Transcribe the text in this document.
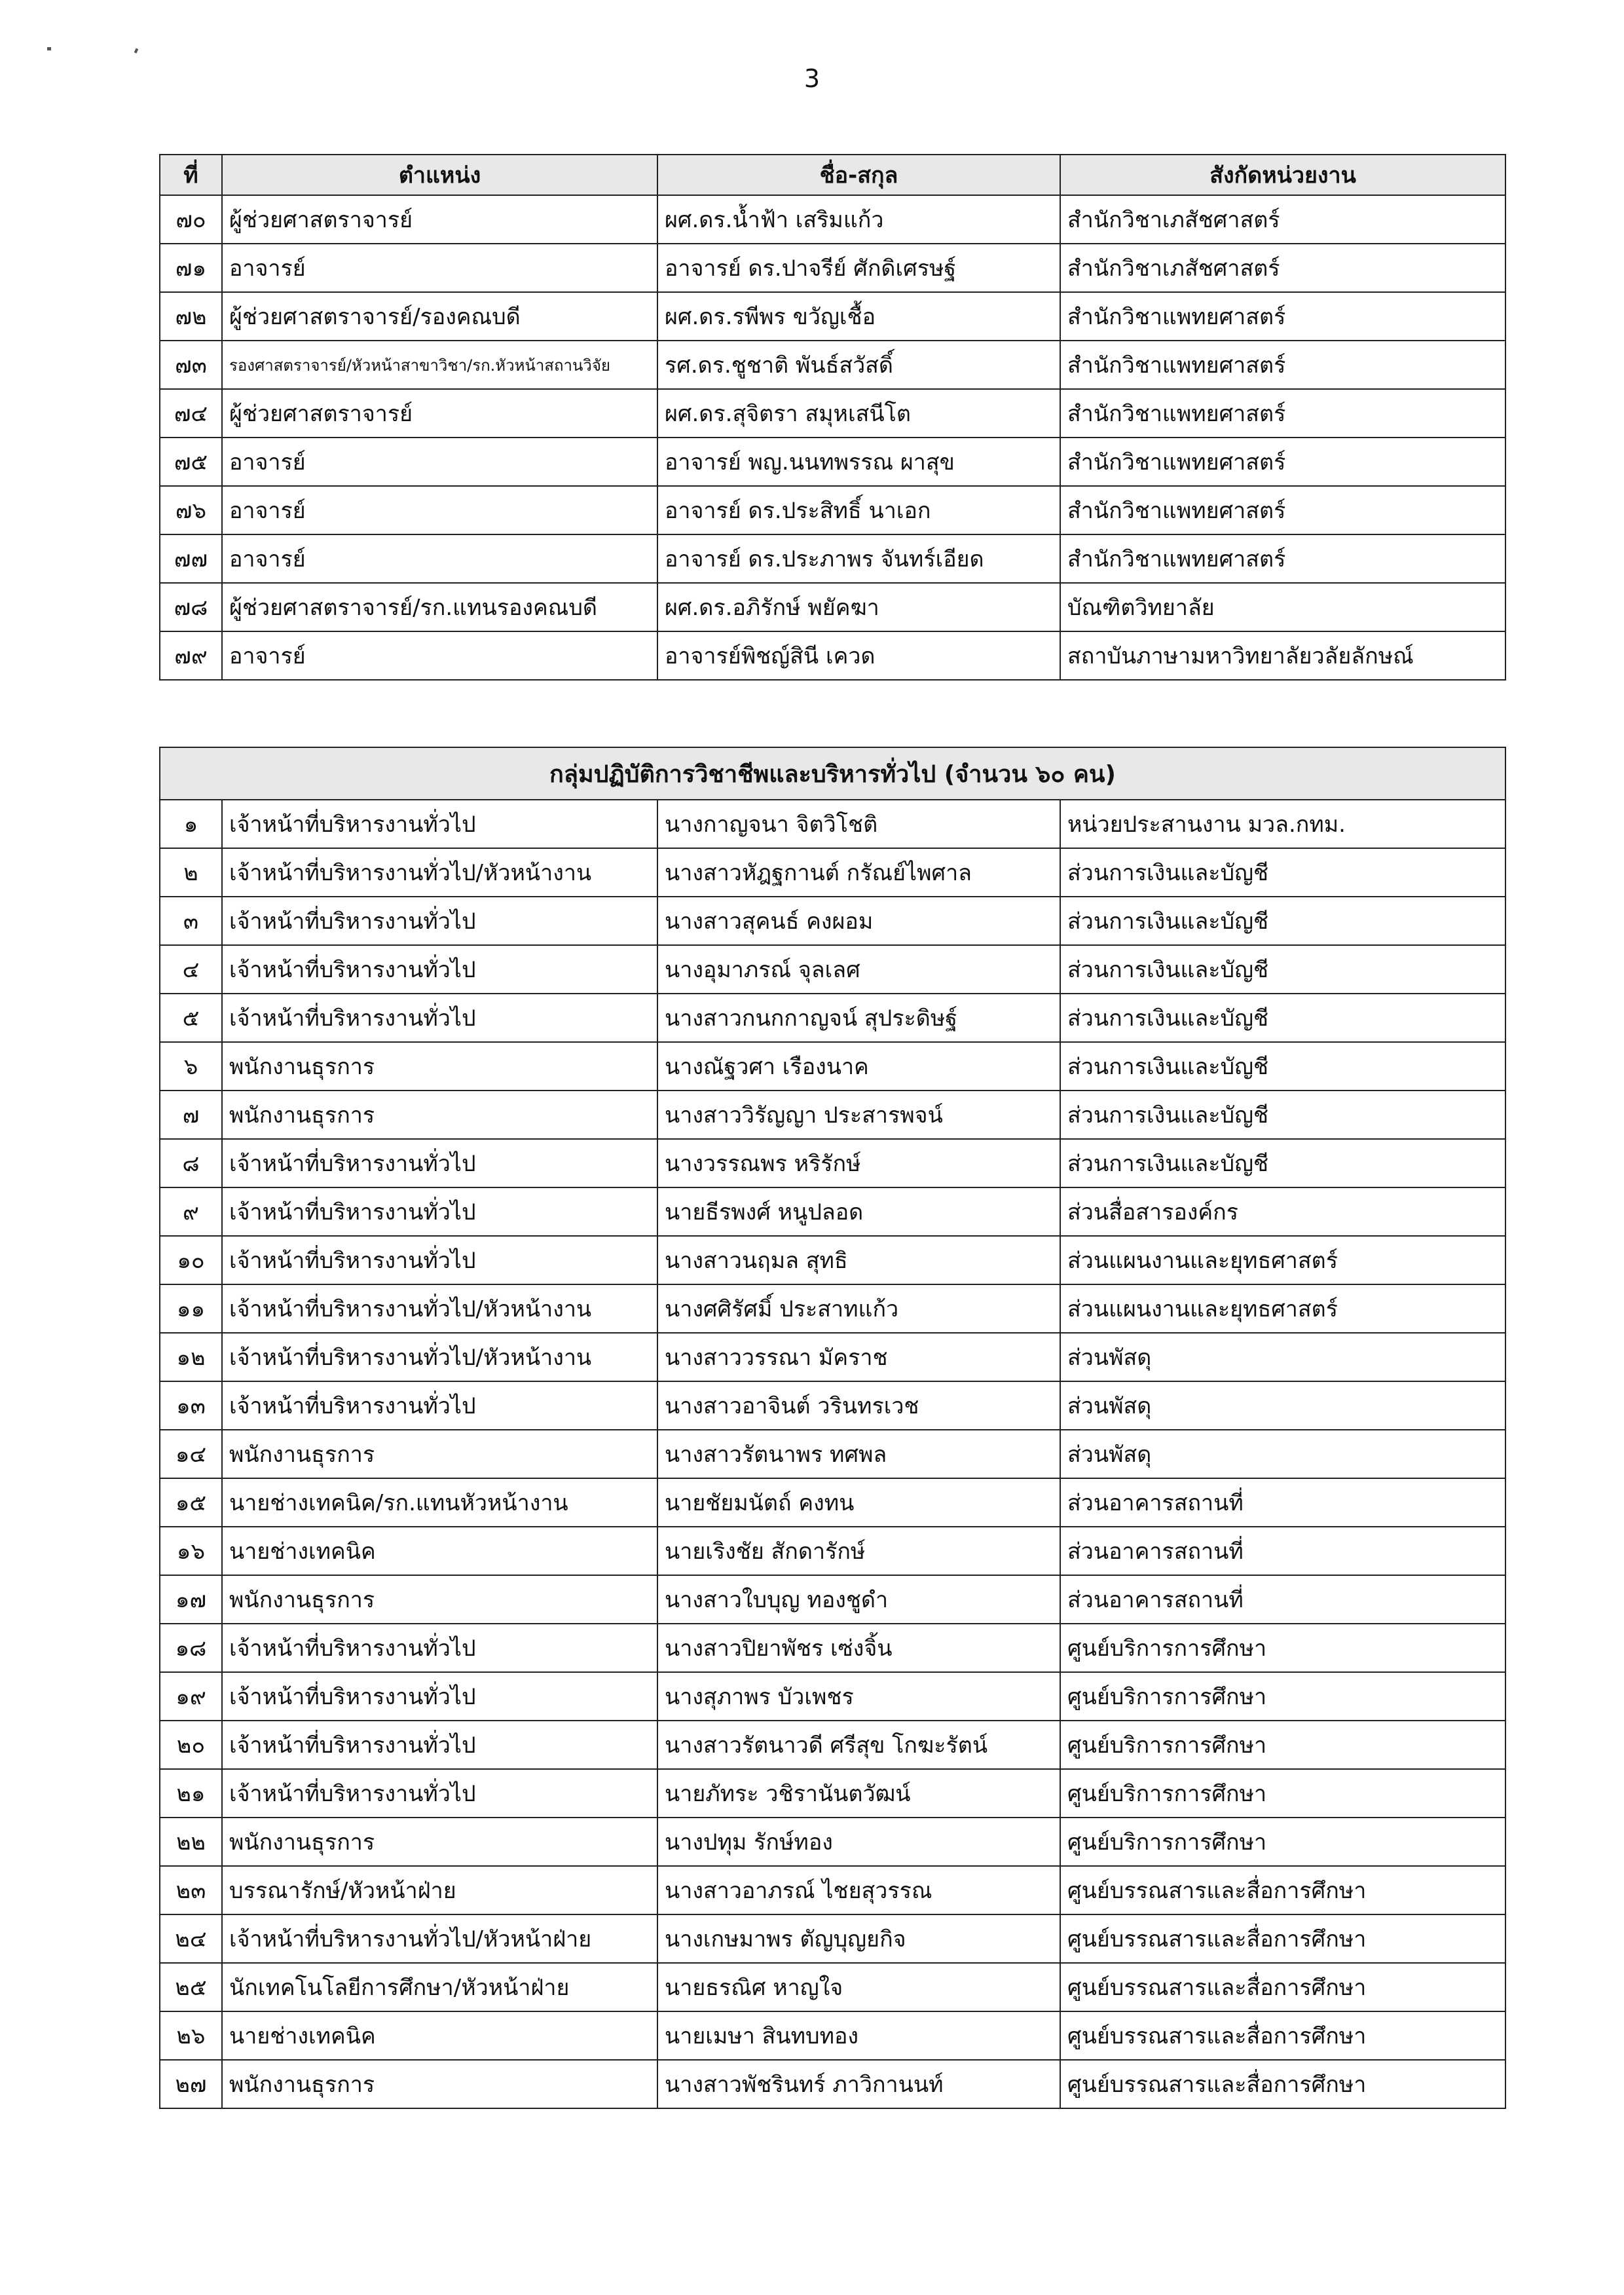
3
ที่	ตำแหน่ง	ชื่อ-สกุล	สังกัดหน่วยงาน
๗๐	ผู้ช่วยศาสตราจารย์	ผศ.ดร.น้ำฟ้า เสริมแก้ว	สำนักวิชาเภสัชศาสตร์
๗๑	อาจารย์	อาจารย์ ดร.ปาจรีย์ ศักดิเศรษฐ์	สำนักวิชาเภสัชศาสตร์
๗๒	ผู้ช่วยศาสตราจารย์/รองคณบดี	ผศ.ดร.รพีพร ขวัญเชื้อ	สำนักวิชาแพทยศาสตร์
๗๓	รองศาสตราจารย์/หัวหน้าสาขาวิชา/รก.หัวหน้าสถานวิจัย	รศ.ดร.ชูชาติ พันธ์สวัสดิ์	สำนักวิชาแพทยศาสตร์
๗๔	ผู้ช่วยศาสตราจารย์	ผศ.ดร.สุจิตรา สมุหเสนีโต	สำนักวิชาแพทยศาสตร์
๗๕	อาจารย์	อาจารย์ พญ.นนทพรรณ ผาสุข	สำนักวิชาแพทยศาสตร์
๗๖	อาจารย์	อาจารย์ ดร.ประสิทธิ์ นาเอก	สำนักวิชาแพทยศาสตร์
๗๗	อาจารย์	อาจารย์ ดร.ประภาพร จันทร์เอียด	สำนักวิชาแพทยศาสตร์
๗๘	ผู้ช่วยศาสตราจารย์/รก.แทนรองคณบดี	ผศ.ดร.อภิรักษ์ พยัคฆา	บัณฑิตวิทยาลัย
๗๙	อาจารย์	อาจารย์พิชญ์สินี เควด	สถาบันภาษามหาวิทยาลัยวลัยลักษณ์
กลุ่มปฏิบัติการวิชาชีพและบริหารทั่วไป (จำนวน ๖๐ คน)			
๑	เจ้าหน้าที่บริหารงานทั่วไป	นางกาญจนา จิตวิโชติ	หน่วยประสานงาน มวล.กทม.
๒	เจ้าหน้าที่บริหารงานทั่วไป/หัวหน้างาน	นางสาวหัฎฐกานต์ กรัณย์ไพศาล	ส่วนการเงินและบัญชี
๓	เจ้าหน้าที่บริหารงานทั่วไป	นางสาวสุคนธ์ คงผอม	ส่วนการเงินและบัญชี
๔	เจ้าหน้าที่บริหารงานทั่วไป	นางอุมาภรณ์ จุลเลศ	ส่วนการเงินและบัญชี
๕	เจ้าหน้าที่บริหารงานทั่วไป	นางสาวกนกกาญจน์ สุประดิษฐ์	ส่วนการเงินและบัญชี
๖	พนักงานธุรการ	นางณัฐวศา เรืองนาค	ส่วนการเงินและบัญชี
๗	พนักงานธุรการ	นางสาววิรัญญา ประสารพจน์	ส่วนการเงินและบัญชี
๘	เจ้าหน้าที่บริหารงานทั่วไป	นางวรรณพร หริรักษ์	ส่วนการเงินและบัญชี
๙	เจ้าหน้าที่บริหารงานทั่วไป	นายธีรพงศ์ หนูปลอด	ส่วนสื่อสารองค์กร
๑๐	เจ้าหน้าที่บริหารงานทั่วไป	นางสาวนฤมล สุทธิ	ส่วนแผนงานและยุทธศาสตร์
๑๑	เจ้าหน้าที่บริหารงานทั่วไป/หัวหน้างาน	นางศศิรัศมิ์ ประสาทแก้ว	ส่วนแผนงานและยุทธศาสตร์
๑๒	เจ้าหน้าที่บริหารงานทั่วไป/หัวหน้างาน	นางสาววรรณา มัคราช	ส่วนพัสดุ
๑๓	เจ้าหน้าที่บริหารงานทั่วไป	นางสาวอาจินต์ วรินทรเวช	ส่วนพัสดุ
๑๔	พนักงานธุรการ	นางสาวรัตนาพร ทศพล	ส่วนพัสดุ
๑๕	นายช่างเทคนิค/รก.แทนหัวหน้างาน	นายชัยมนัตถ์ คงทน	ส่วนอาคารสถานที่
๑๖	นายช่างเทคนิค	นายเริงชัย สักดารักษ์	ส่วนอาคารสถานที่
๑๗	พนักงานธุรการ	นางสาวใบบุญ ทองชูดำ	ส่วนอาคารสถานที่
๑๘	เจ้าหน้าที่บริหารงานทั่วไป	นางสาวปิยาพัชร เซ่งจิ้น	ศูนย์บริการการศึกษา
๑๙	เจ้าหน้าที่บริหารงานทั่วไป	นางสุภาพร บัวเพชร	ศูนย์บริการการศึกษา
๒๐	เจ้าหน้าที่บริหารงานทั่วไป	นางสาวรัตนาวดี ศรีสุข โกฆะรัตน์	ศูนย์บริการการศึกษา
๒๑	เจ้าหน้าที่บริหารงานทั่วไป	นายภัทระ วชิรานันตวัฒน์	ศูนย์บริการการศึกษา
๒๒	พนักงานธุรการ	นางปทุม รักษ์ทอง	ศูนย์บริการการศึกษา
๒๓	บรรณารักษ์/หัวหน้าฝ่าย	นางสาวอาภรณ์ ไชยสุวรรณ	ศูนย์บรรณสารและสื่อการศึกษา
๒๔	เจ้าหน้าที่บริหารงานทั่วไป/หัวหน้าฝ่าย	นางเกษมาพร ตัญบุญยกิจ	ศูนย์บรรณสารและสื่อการศึกษา
๒๕	นักเทคโนโลยีการศึกษา/หัวหน้าฝ่าย	นายธรณิศ หาญใจ	ศูนย์บรรณสารและสื่อการศึกษา
๒๖	นายช่างเทคนิค	นายเมษา สินทบทอง	ศูนย์บรรณสารและสื่อการศึกษา
๒๗	พนักงานธุรการ	นางสาวพัชรินทร์ ภาวิกานนท์	ศูนย์บรรณสารและสื่อการศึกษา
